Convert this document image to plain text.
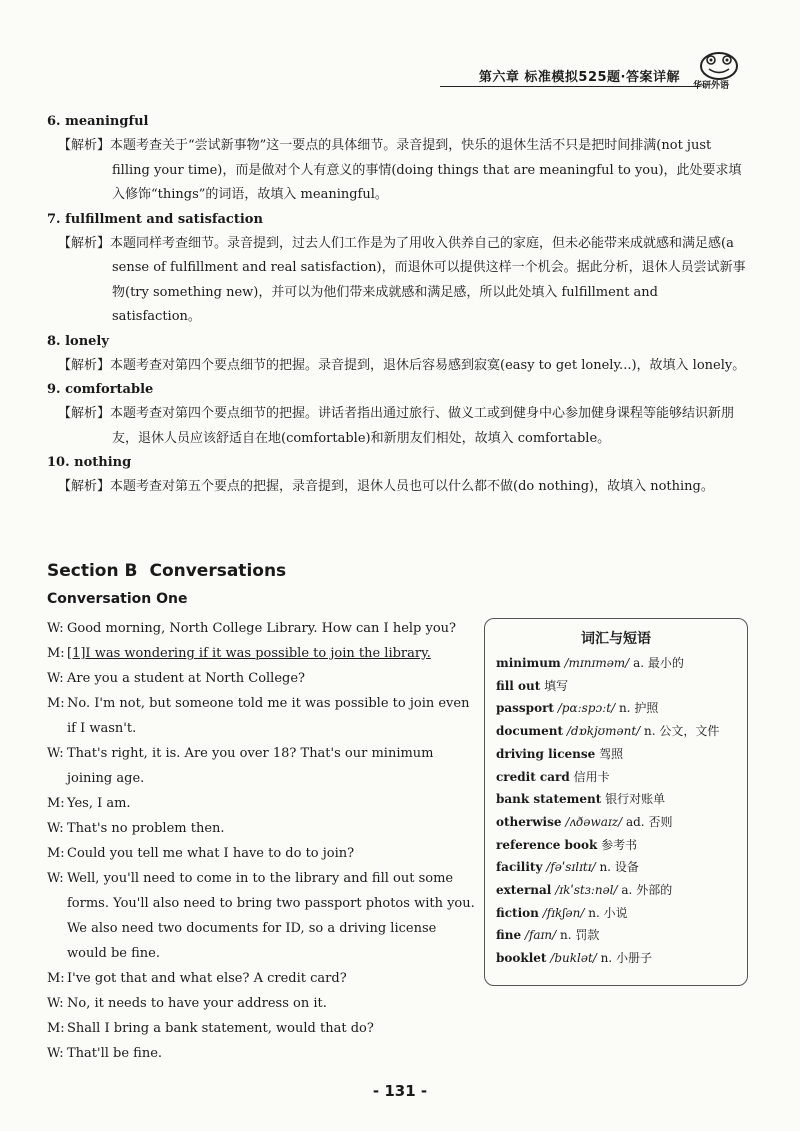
第六章 标准模拟525题·答案详解
华研外语
6. meaningful
【解析】本题考查关于“尝试新事物”这一要点的具体细节。录音提到，快乐的退休生活不只是把时间排满(not just filling your time)，而是做对个人有意义的事情(doing things that are meaningful to you)，此处要求填入修饰“things”的词语，故填入 meaningful。
7. fulfillment and satisfaction
【解析】本题同样考查细节。录音提到，过去人们工作是为了用收入供养自己的家庭，但未必能带来成就感和满足感(a sense of fulfillment and real satisfaction)，而退休可以提供这样一个机会。据此分析，退休人员尝试新事物(try something new)，并可以为他们带来成就感和满足感，所以此处填入 fulfillment and satisfaction。
8. lonely
【解析】本题考查对第四个要点细节的把握。录音提到，退休后容易感到寂寞(easy to get lonely...)，故填入 lonely。
9. comfortable
【解析】本题考查对第四个要点细节的把握。讲话者指出通过旅行、做义工或到健身中心参加健身课程等能够结识新朋友，退休人员应该舒适自在地(comfortable)和新朋友们相处，故填入 comfortable。
10. nothing
【解析】本题考查对第五个要点的把握，录音提到，退休人员也可以什么都不做(do nothing)，故填入 nothing。
Section B Conversations
Conversation One
W: Good morning, North College Library. How can I help you?
M: [1]I was wondering if it was possible to join the library.
W: Are you a student at North College?
M: No. I'm not, but someone told me it was possible to join even if I wasn't.
W: That's right, it is. Are you over 18? That's our minimum joining age.
M: Yes, I am.
W: That's no problem then.
M: Could you tell me what I have to do to join?
W: Well, you'll need to come in to the library and fill out some forms. You'll also need to bring two passport photos with you. We also need two documents for ID, so a driving license would be fine.
M: I've got that and what else? A credit card?
W: No, it needs to have your address on it.
M: Shall I bring a bank statement, would that do?
W: That'll be fine.
词汇与短语
minimum /mɪnɪməm/ a. 最小的
fill out 填写
passport /pɑːspɔːt/ n. 护照
document /dɒkjʊmənt/ n. 公文，文件
driving license 驾照
credit card 信用卡
bank statement 银行对账单
otherwise /ʌðəwaɪz/ ad. 否则
reference book 参考书
facility /fəˈsɪlɪtɪ/ n. 设备
external /ɪkˈstɜːnəl/ a. 外部的
fiction /fɪkʃən/ n. 小说
fine /faɪn/ n. 罚款
booklet /buklət/ n. 小册子
- 131 -
